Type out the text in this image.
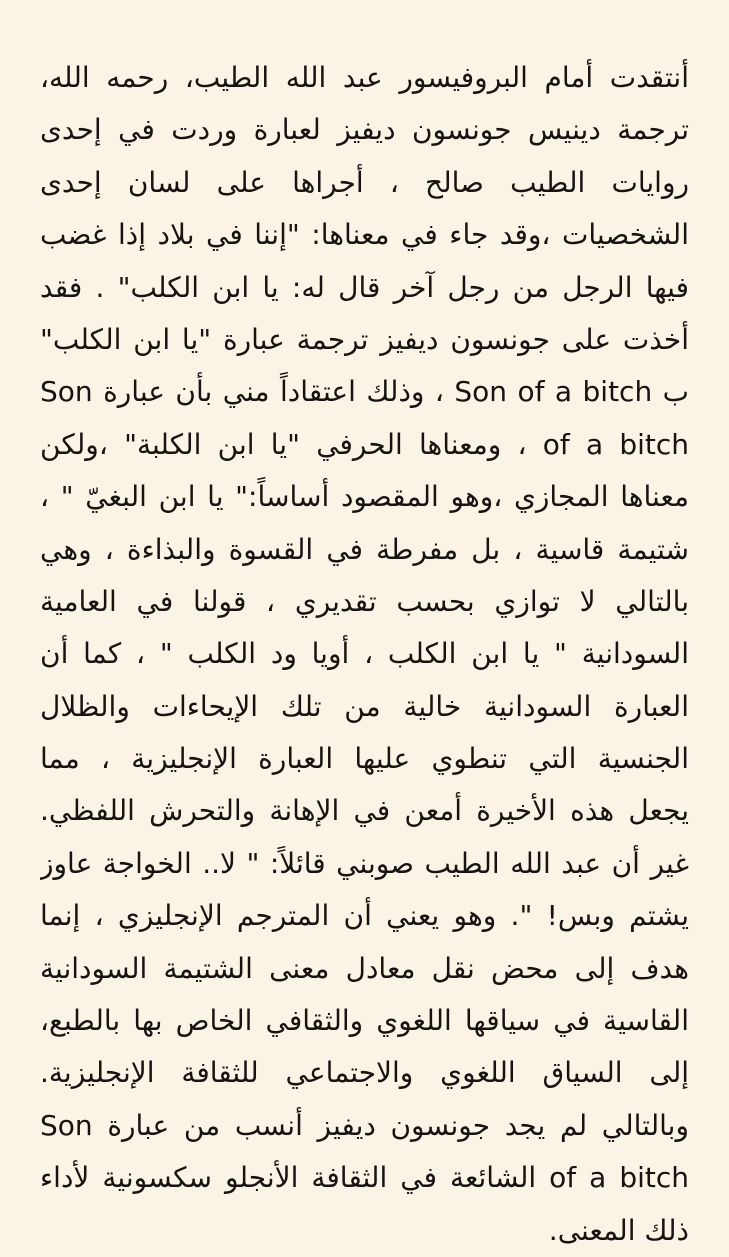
أنتقدت أمام البروفيسور عبد الله الطيب، رحمه الله،
ترجمة دينيس جونسون ديفيز لعبارة وردت في إحدى
روايات الطيب صالح ، أجراها على لسان إحدى
الشخصيات ،وقد جاء في معناها: "إننا في بلاد إذا غضب
فيها الرجل من رجل آخر قال له: يا ابن الكلب" . فقد
أخذت على جونسون ديفيز ترجمة عبارة "يا ابن الكلب"
ب Son of a bitch ، وذلك اعتقاداً مني بأن عبارة Son
of a bitch ، ومعناها الحرفي "يا ابن الكلبة" ،ولكن
معناها المجازي ،وهو المقصود أساساً:" يا ابن البغيّ " ،
شتيمة قاسية ، بل مفرطة في القسوة والبذاءة ، وهي
بالتالي لا توازي بحسب تقديري ، قولنا في العامية
السودانية " يا ابن الكلب ، أويا ود الكلب " ، كما أن
العبارة السودانية خالية من تلك الإيحاءات والظلال
الجنسية التي تنطوي عليها العبارة الإنجليزية ، مما
يجعل هذه الأخيرة أمعن في الإهانة والتحرش اللفظي.
غير أن عبد الله الطيب صوبني قائلاً: " لا.. الخواجة عاوز
يشتم وبس! ". وهو يعني أن المترجم الإنجليزي ، إنما
هدف إلى محض نقل معادل معنى الشتيمة السودانية
القاسية في سياقها اللغوي والثقافي الخاص بها بالطبع،
إلى السياق اللغوي والاجتماعي للثقافة الإنجليزية.
وبالتالي لم يجد جونسون ديفيز أنسب من عبارة Son
of a bitch الشائعة في الثقافة الأنجلو سكسونية لأداء
ذلك المعنى.
